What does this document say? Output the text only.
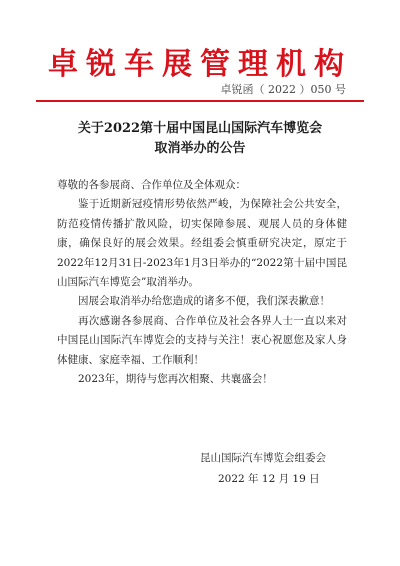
卓锐车展管理机构
卓锐函（ 2022 ）050 号
关于2022第十届中国昆山国际汽车博览会
取消举办的公告

尊敬的各参展商、合作单位及全体观众：

鉴于近期新冠疫情形势依然严峻，为保障社会公共安全，防范疫情传播扩散风险，切实保障参展、观展人员的身体健康，确保良好的展会效果。经组委会慎重研究决定，原定于2022年12月31日-2023年1月3日举办的“2022第十届中国昆山国际汽车博览会”取消举办。

因展会取消举办给您造成的诸多不便，我们深表歉意！

再次感谢各参展商、合作单位及社会各界人士一直以来对中国昆山国际汽车博览会的支持与关注！衷心祝愿您及家人身体健康、家庭幸福、工作顺利！

2023年，期待与您再次相聚、共襄盛会！

昆山国际汽车博览会组委会
2022 年 12 月 19 日
